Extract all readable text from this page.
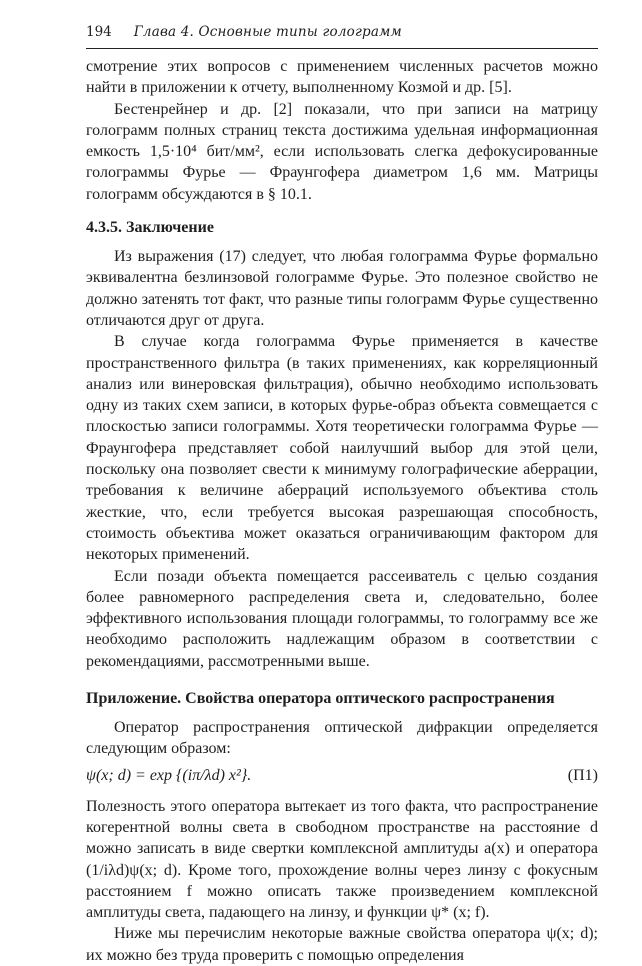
194 Глава 4. Основные типы голограмм

смотрение этих вопросов с применением численных расчетов можно найти в приложении к отчету, выполненному Козмой и др. [5].

Бестенрейнер и др. [2] показали, что при записи на матрицу голограмм полных страниц текста достижима удельная информационная емкость 1,5·10⁴ бит/мм², если использовать слегка дефокусированные голограммы Фурье — Фраунгофера диаметром 1,6 мм. Матрицы голограмм обсуждаются в § 10.1.

4.3.5. Заключение

Из выражения (17) следует, что любая голограмма Фурье формально эквивалентна безлинзовой голограмме Фурье. Это полезное свойство не должно затенять тот факт, что разные типы голограмм Фурье существенно отличаются друг от друга.

В случае когда голограмма Фурье применяется в качестве пространственного фильтра (в таких применениях, как корреляционный анализ или винеровская фильтрация), обычно необходимо использовать одну из таких схем записи, в которых фурье-образ объекта совмещается с плоскостью записи голограммы. Хотя теоретически голограмма Фурье — Фраунгофера представляет собой наилучший выбор для этой цели, поскольку она позволяет свести к минимуму голографические аберрации, требования к величине аберраций используемого объектива столь жесткие, что, если требуется высокая разрешающая способность, стоимость объектива может оказаться ограничивающим фактором для некоторых применений.

Если позади объекта помещается рассеиватель с целью создания более равномерного распределения света и, следовательно, более эффективного использования площади голограммы, то голограмму все же необходимо расположить надлежащим образом в соответствии с рекомендациями, рассмотренными выше.

Приложение. Свойства оператора оптического распространения

Оператор распространения оптической дифракции определяется следующим образом:

ψ(x; d) = exp {(iπ/λd) x²}.	(П1)

Полезность этого оператора вытекает из того факта, что распространение когерентной волны света в свободном пространстве на расстояние d можно записать в виде свертки комплексной амплитуды a(x) и оператора (1/iλd)ψ(x; d). Кроме того, прохождение волны через линзу с фокусным расстоянием f можно описать также произведением комплексной амплитуды света, падающего на линзу, и функции ψ* (x; f).

Ниже мы перечислим некоторые важные свойства оператора ψ(x; d); их можно без труда проверить с помощью определения
